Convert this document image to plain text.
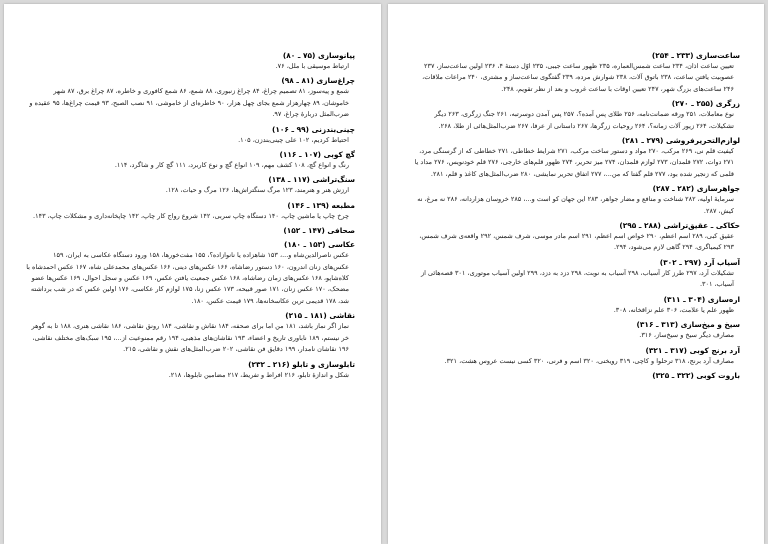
پیانوسازی (۷۵ ـ ۸۰)
ارتباط موسیقی با ملل، ۷۶.
چراغ‌سازی (۸۱ ـ ۹۸)
شمع و پیه‌سوز، ۸۱ تصمیم چراغ، ۸۴ چراغ زنبوری، ۸۸ شمع، ۸۶ شمع کافوری و خاطره، ۸۷ چراغ برق، ۸۷ شهر خاموشان، ۸۹ چهارهزار شمع بجای چهل هزار، ۹۰ خاطره‌ای از خاموشی، ۹۱ نصب الصبح، ۹۳ قیمت چراغ‌ها، ۹۵ عقیده و ضرب‌المثل دربارهٔ چراغ، ۹۷.
چینی‌بندزنی (۹۹ ـ ۱۰۶)
احتیاط کردیم، ۱۰۲ علی چینی‌بندزن، ۱۰۵.
گچ کوبی (۱۰۷ ـ ۱۱۶)
رنگ و انواع گچ، ۱۰۸ کشف مهم، ۱۰۹ انواع گچ و نوع کاربرد، ۱۱۱ گچ کار و شاگرد، ۱۱۴.
سنگ‌تراشی (۱۱۷ ـ ۱۳۸)
ارزش هنر و هنرمند، ۱۲۳ مرگ سنگتراش‌ها، ۱۲۶ مرگ و حیات، ۱۲۸.
مطبعه (۱۳۹ ـ ۱۴۶)
چرخ چاپ یا ماشین چاپ، ۱۴۰ دستگاه چاپ سربی، ۱۴۲ شروع رواج کار چاپ، ۱۴۲ چاپخانه‌داری و مشکلات چاپ، ۱۴۳.
صحافی (۱۴۷ ـ ۱۵۲)
عکاسی (۱۵۳ ـ ۱۸۰)
عکس ناصرالدین‌شاه و...، ۱۵۳ شاهزاده یا نانوازاده؟، ۱۵۵ مفت‌خورها، ۱۵۸ ورود دستگاه عکاسی به ایران، ۱۵۹ عکس‌های زنان اندرون، ۱۶۰ دستور رضاشاه، ۱۶۶ عکس‌های دینی، ۱۶۶ عکس‌های محمدعلی شاه، ۱۶۷ عکس احمدشاه با کلاه‌شاپو، ۱۶۸ عکس‌های زمان رضاشاه، ۱۶۸ عکس جمعیت یافتن عکس، ۱۶۹ عکس و سجل احوال، ۱۶۹ عکس‌ها عضو مضحک، ۱۷۰ عکس زنان، ۱۷۱ صور قبیحه، ۱۷۳ عکس زنا، ۱۷۵ لوازم کار عکاسی، ۱۷۶ اولین عکس که در شب برداشته شد، ۱۷۸ قدیمی ترین عکاسخانه‌ها، ۱۷۹ قیمت عکس، ۱۸۰.
نقاشی (۱۸۱ ـ ۲۱۵)
نماز اگر نماز باشد، ۱۸۱ من اما برای صحفه، ۱۸۴ نقاش و نقاشی، ۱۸۴ رونق نقاشی، ۱۸۶ نقاشی هنری، ۱۸۸ تا به گوهر خر نیستم، ۱۸۹ ناباوری تاریخ و اعضاء، ۱۹۳ نقاشان‌های مذهبی، ۱۹۴ رقم ممنوعیت از...، ۱۹۵ سبک‌های مختلف نقاشی، ۱۹۶ نقاشان نامدار، ۱۹۹ دقایق فن نقاشی، ۲۰۲ ضرب‌المثل‌های نقش و نقاشی، ۲۱۵.
تابلوسازی و تابلو (۲۱۶ ـ ۲۳۲)
شکل و اندازهٔ تابلو، ۲۱۶ افراط و تفریط، ۲۱۷ مضامین تابلوها، ۲۱۸.
ساعت‌سازی (۲۳۳ ـ ۲۵۴)
تعیین ساعت اذان، ۲۳۴ ساعت شمس‌العماره، ۲۳۵ ظهور ساعت جیبی، ۲۳۵ اوّل دستهٔ ۴، ۲۳۶ اولین ساعت‌ساز، ۲۳۷ عصوبیت یافتن ساعت، ۲۳۸ باتوق آلات، ۲۳۸ شوارش مرده، ۲۳۹ گفتگوی ساعت‌ساز و مشتری، ۲۴۰ مراعات ملاقات، ۲۴۶ ساعت‌های بزرگ شهر، ۲۴۷ تعیین اوقات با ساعت غروب و بعد از نظر تقویم، ۲۴۸.
زرگری (۲۵۵ ـ ۲۷۰)
نوع معاملات، ۲۵۱ ورقه ضمانت‌نامه، ۲۵۶ طلای پس آمده؟، ۲۵۷ پس آمدن دوسرتبه، ۲۶۱ جنگ زرگری، ۲۶۳ دیگر تشکیلات، ۲۶۴ زیور آلات زمانه؟، ۲۶۴ روحیات زرگرها، ۲۶۷ داستانی از عرفا، ۲۶۷ ضرب‌المثل‌هائی از طلا، ۲۶۸.
لوازم‌التحریرفروشی (۲۷۹ ـ ۲۸۱)
کیفیت قلم نی، ۲۶۹ مرکب، ۲۷۰ مواد و دستور ساخت مرکب، ۲۷۱ شرایط خطاطی، ۲۷۱ خطاطی که از گرسنگی مرد، ۲۷۱ دوات، ۲۷۲ قلمدان، ۲۷۳ لوازم قلمدان، ۲۷۴ میز تحریر، ۲۷۴ ظهور قلم‌های خارجی، ۲۷۶ قلم خودنویس، ۲۷۶ مداد یا قلمی که زنجیر شده بود، ۲۷۷ قلم گفتا که من...، ۲۷۷ اتفاق تحریر نمایشی، ۲۸۰ ضرب‌المثل‌های کاغذ و قلم، ۲۸۱.
جواهرسازی (۲۸۲ ـ ۲۸۷)
سرمایهٔ اولیه، ۲۸۲ شناخت و منافع و مضار جواهر، ۲۸۳ این جهان کو است و...، ۲۸۵ خروسان هزاردانه، ۲۸۶ نه مرغ، نه کیش، ۲۸۷.
حکاکی ـ عقیق‌تراشی (۲۸۸ ـ ۲۹۵)
عقیق کبی، ۲۸۹ اسم اعظم، ۲۹۰ خواص اسم اعظم، ۲۹۱ اسم مادر موسی، شرف شمس، ۲۹۲ واقعه‌ی شرف شمس، ۲۹۳ کیمیاگری، ۲۹۴ گاهی لازم می‌شود، ۲۹۴.
آسیاب آرد (۲۹۷ ـ ۳۰۲)
تشکیلات آرد، ۲۹۷ طرز کار آسیاب، ۲۹۸ آسیاب به نوبت، ۲۹۸ دزد به دزد، ۲۹۹ اولین آسیاب موتوری، ۳۰۱ قصه‌هائی از آسیاب، ۳۰۱.
اره‌سازی (۳۰۴ ـ ۳۱۱)
ظهور علم یا علامت، ۳۰۶ علم نزاقخانه، ۳۰۸.
سیخ و میخ‌سازی (۳۱۳ ـ ۳۱۶)
مصارف دیگر سیخ و سیخ‌ساز، ۳۱۶.
آرد برنج کوبی (۳۱۷ ـ ۳۲۱)
مصارف آرد برنج، ۳۱۸ ترحلوا و کاچی، ۳۱۹ رویخنی، ۳۲۰ اسم و فرنی، ۳۲۰ کسی نیست عروس هشت، ۳۲۱.
باروت کوبی (۳۲۲ ـ ۳۲۵)
